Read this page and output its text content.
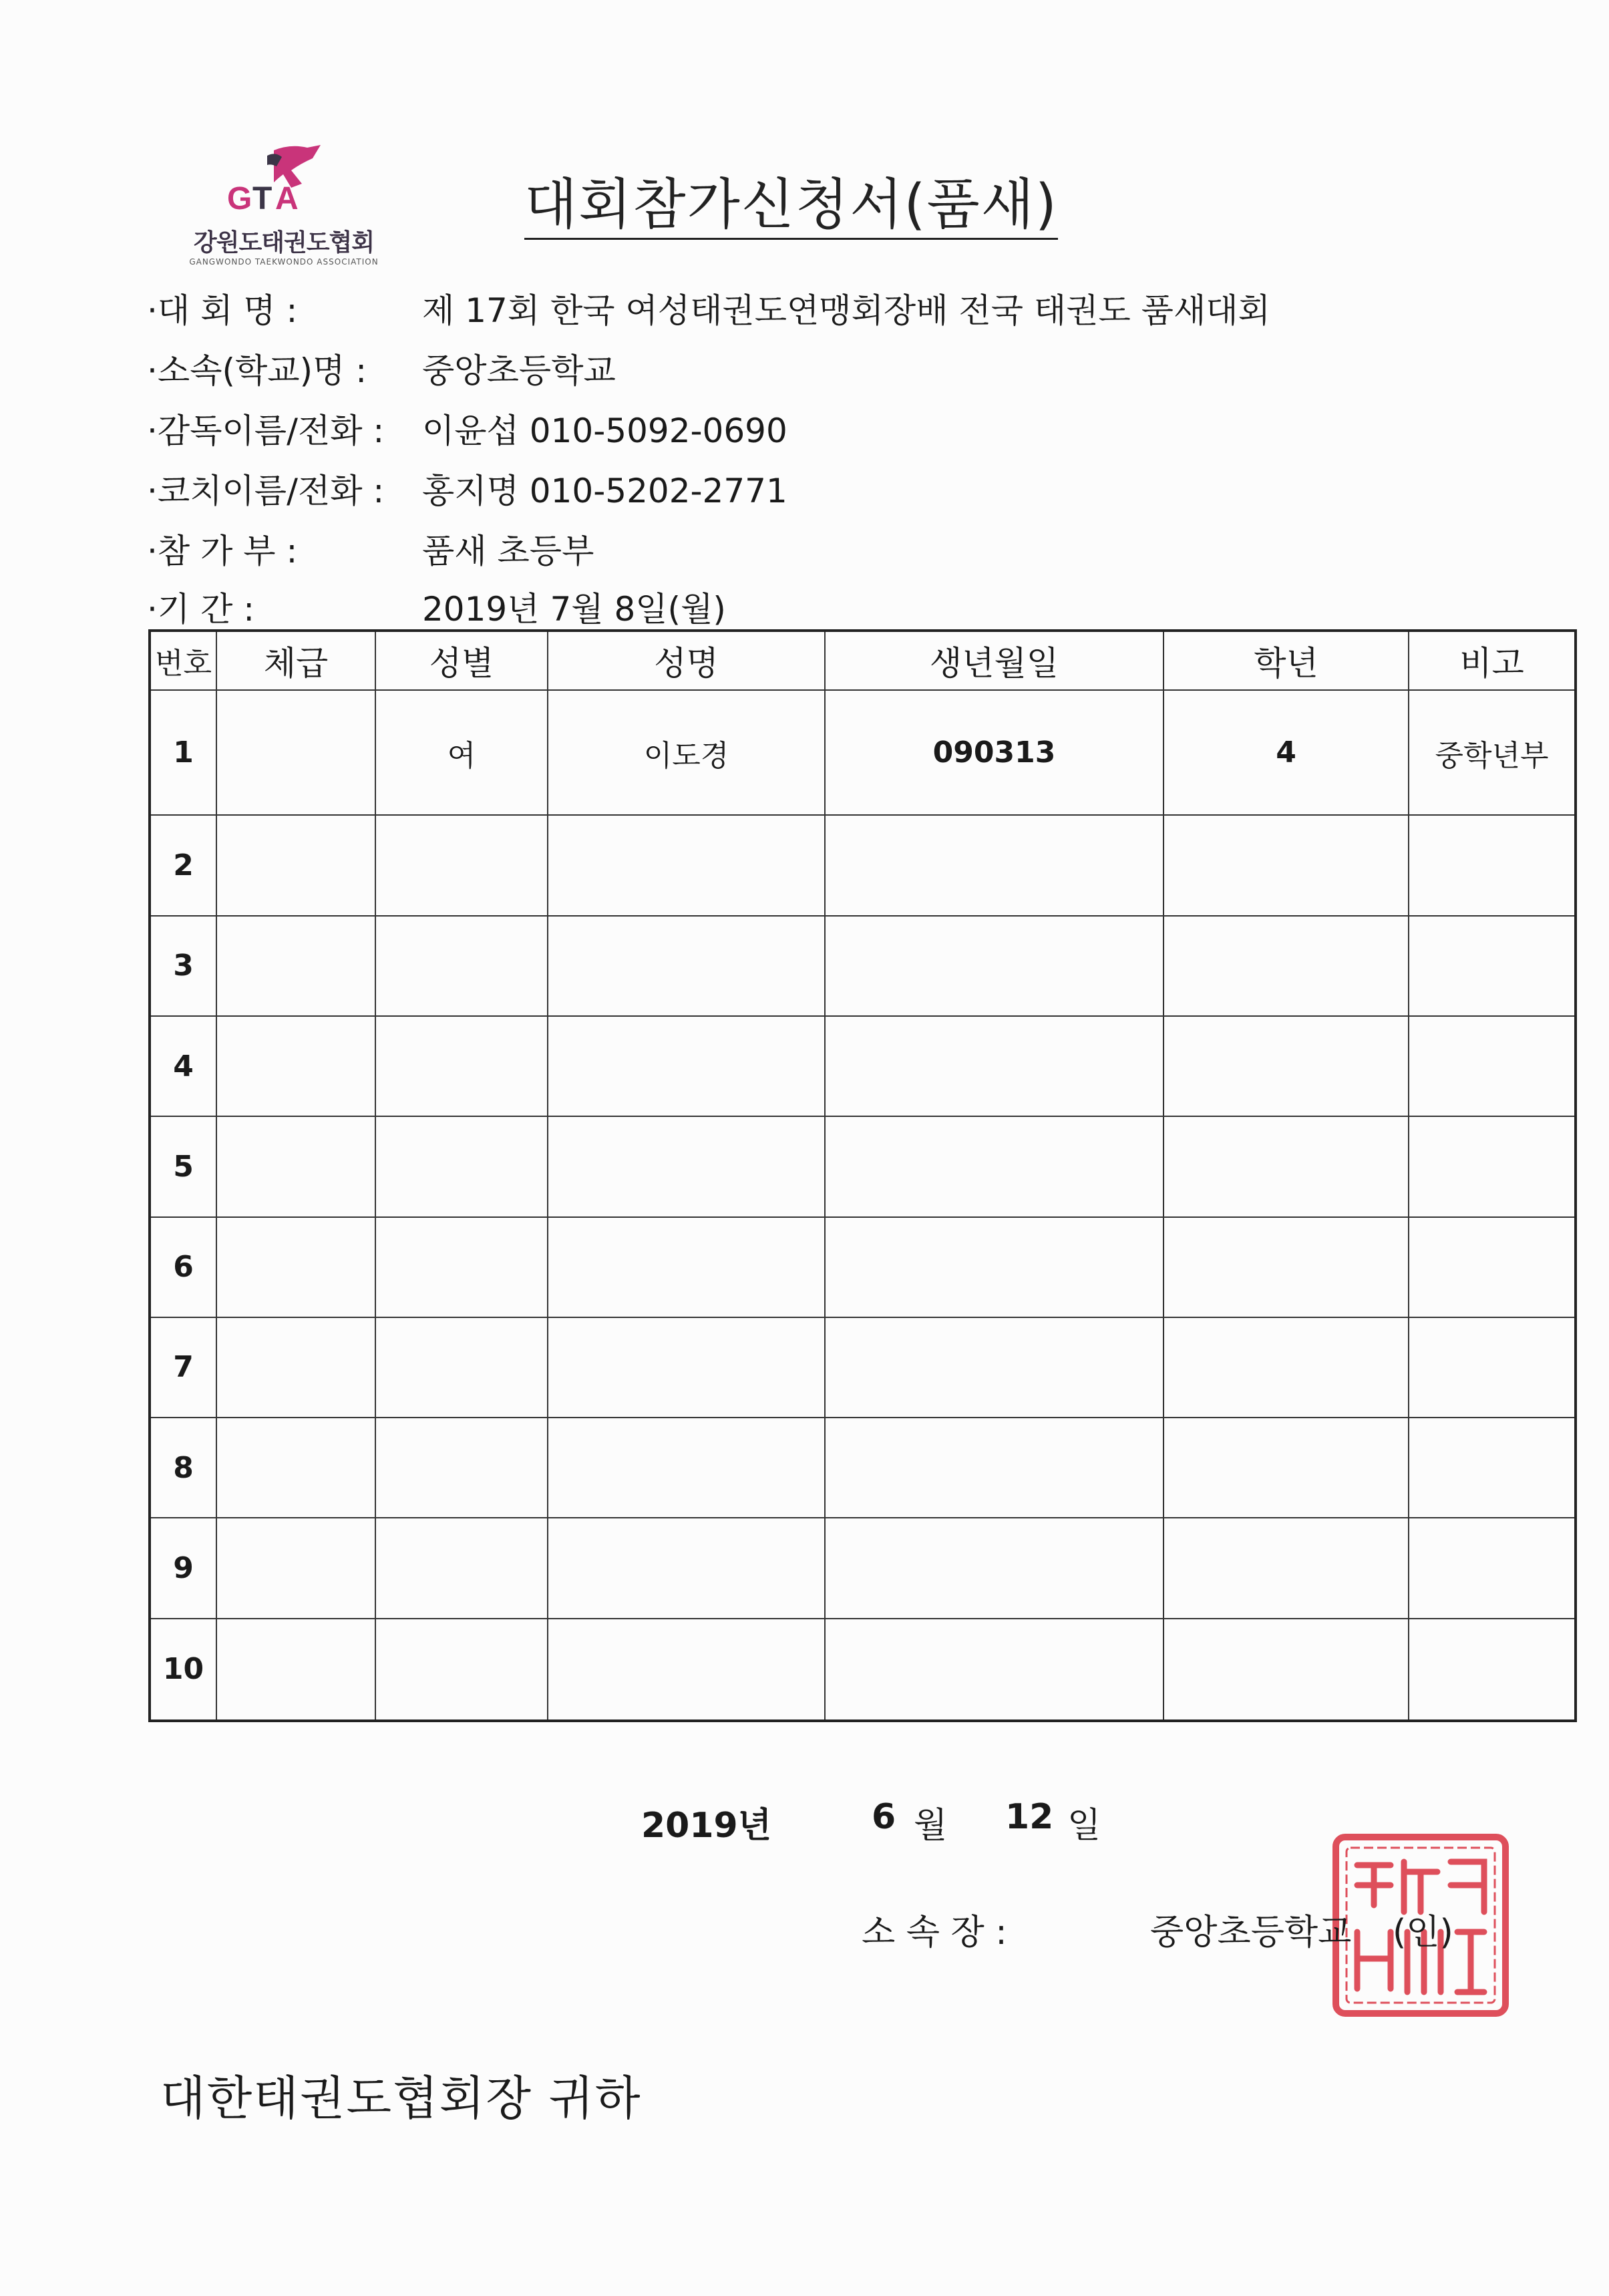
G T A
강원도태권도협회
GANGWONDO TAEKWONDO ASSOCIATION
대회참가신청서(품새)
·대 회 명 :	제 17회 한국 여성태권도연맹회장배 전국 태권도 품새대회
·소속(학교)명 : 중앙초등학교
·감독이름/전화 : 이윤섭 010-5092-0690
·코치이름/전화 : 홍지명 010-5202-2771
·참 가 부 :	품새 초등부
·기 간 :	2019년 7월 8일(월)
번호	체급	성별	성명	생년월일	학년	비고
1		여	이도경	090313	4	중학년부
2						
3						
4						
5						
6						
7						
8						
9						
10						
2019년	6 월 12 일
소 속 장 :	중앙초등학교 (인)
대한태권도협회장 귀하
